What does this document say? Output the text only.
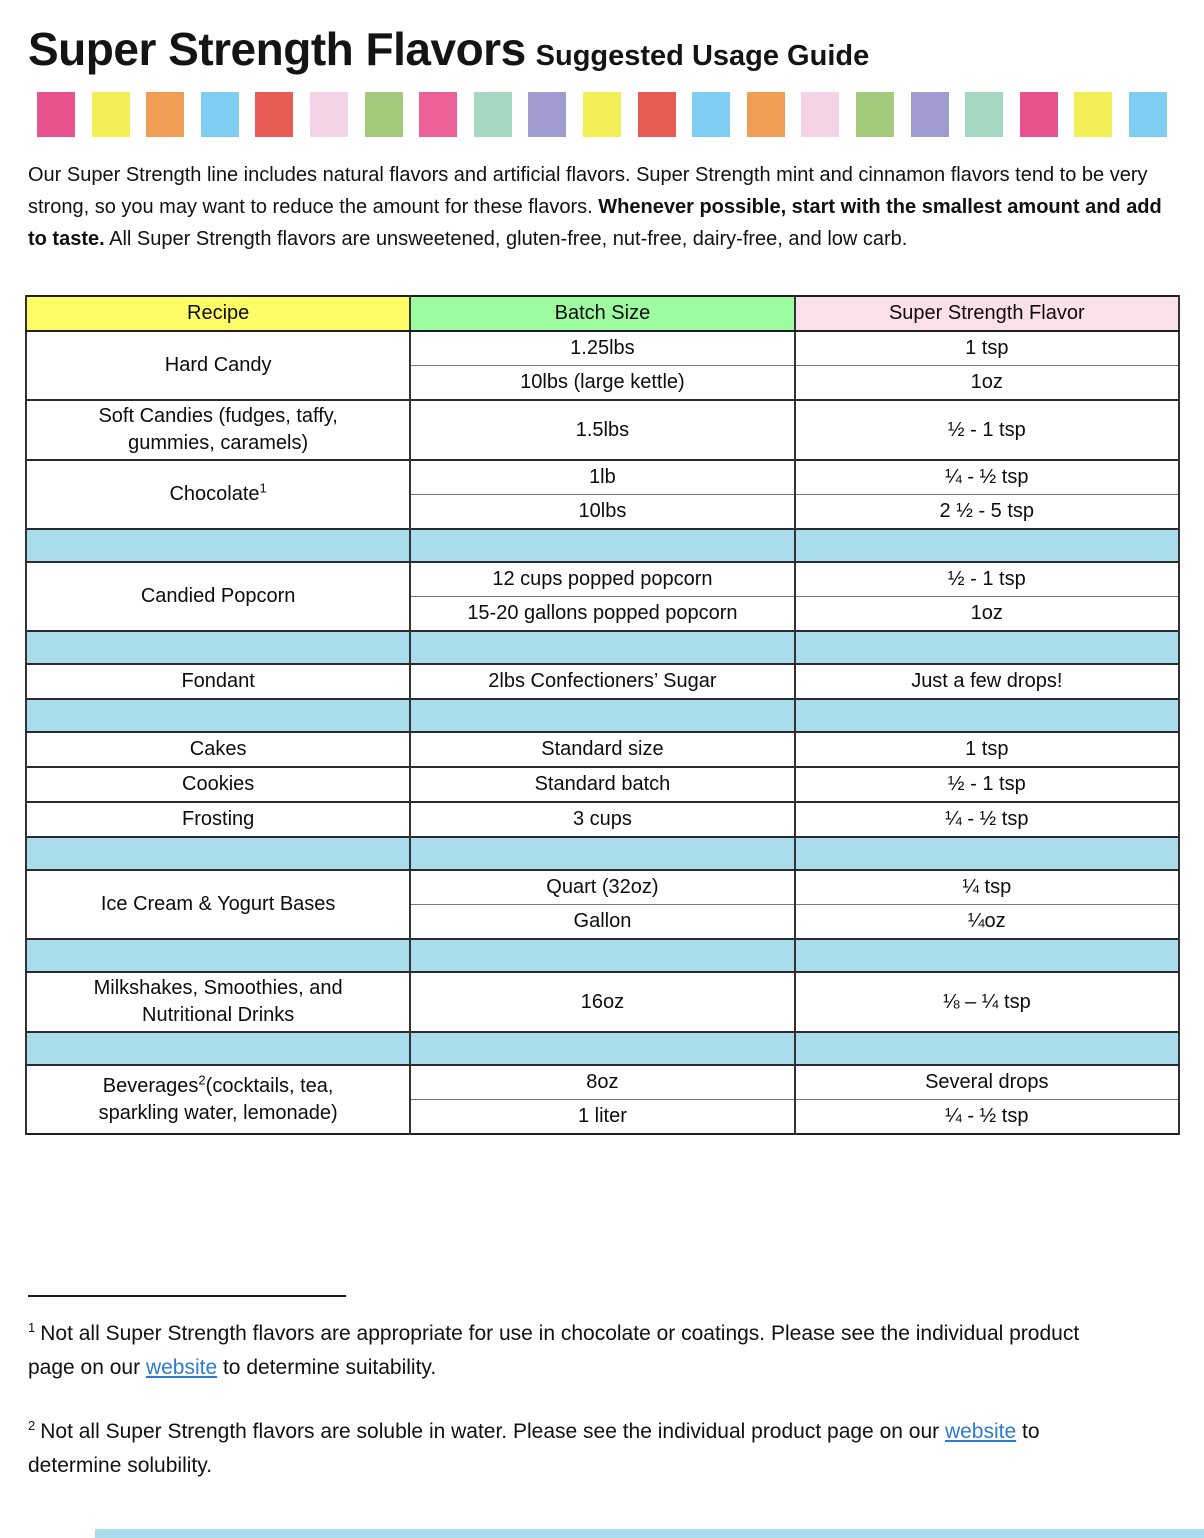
Super Strength Flavors Suggested Usage Guide

Our Super Strength line includes natural flavors and artificial flavors. Super Strength mint and cinnamon flavors tend to be very strong, so you may want to reduce the amount for these flavors. Whenever possible, start with the smallest amount and add to taste. All Super Strength flavors are unsweetened, gluten-free, nut-free, dairy-free, and low carb.

Recipe	Batch Size	Super Strength Flavor
Hard Candy	1.25lbs	1 tsp
	10lbs (large kettle)	1oz
Soft Candies (fudges, taffy, gummies, caramels)	1.5lbs	½ - 1 tsp
Chocolate$^1$	1lb	¼ - ½ tsp
	10lbs	2 ½ - 5 tsp

Candied Popcorn	12 cups popped popcorn	½ - 1 tsp
	15-20 gallons popped popcorn	1oz

Fondant	2lbs Confectioners’ Sugar	Just a few drops!

Cakes	Standard size	1 tsp
Cookies	Standard batch	½ - 1 tsp
Frosting	3 cups	¼ - ½ tsp

Ice Cream & Yogurt Bases	Quart (32oz)	¼ tsp
	Gallon	¼oz

Milkshakes, Smoothies, and Nutritional Drinks	16oz	⅛ – ¼ tsp

Beverages$^2$(cocktails, tea, sparkling water, lemonade)	8oz	Several drops
	1 liter	¼ - ½ tsp

$^1$ Not all Super Strength flavors are appropriate for use in chocolate or coatings. Please see the individual product page on our website to determine suitability.

$^2$ Not all Super Strength flavors are soluble in water. Please see the individual product page on our website to determine solubility.
